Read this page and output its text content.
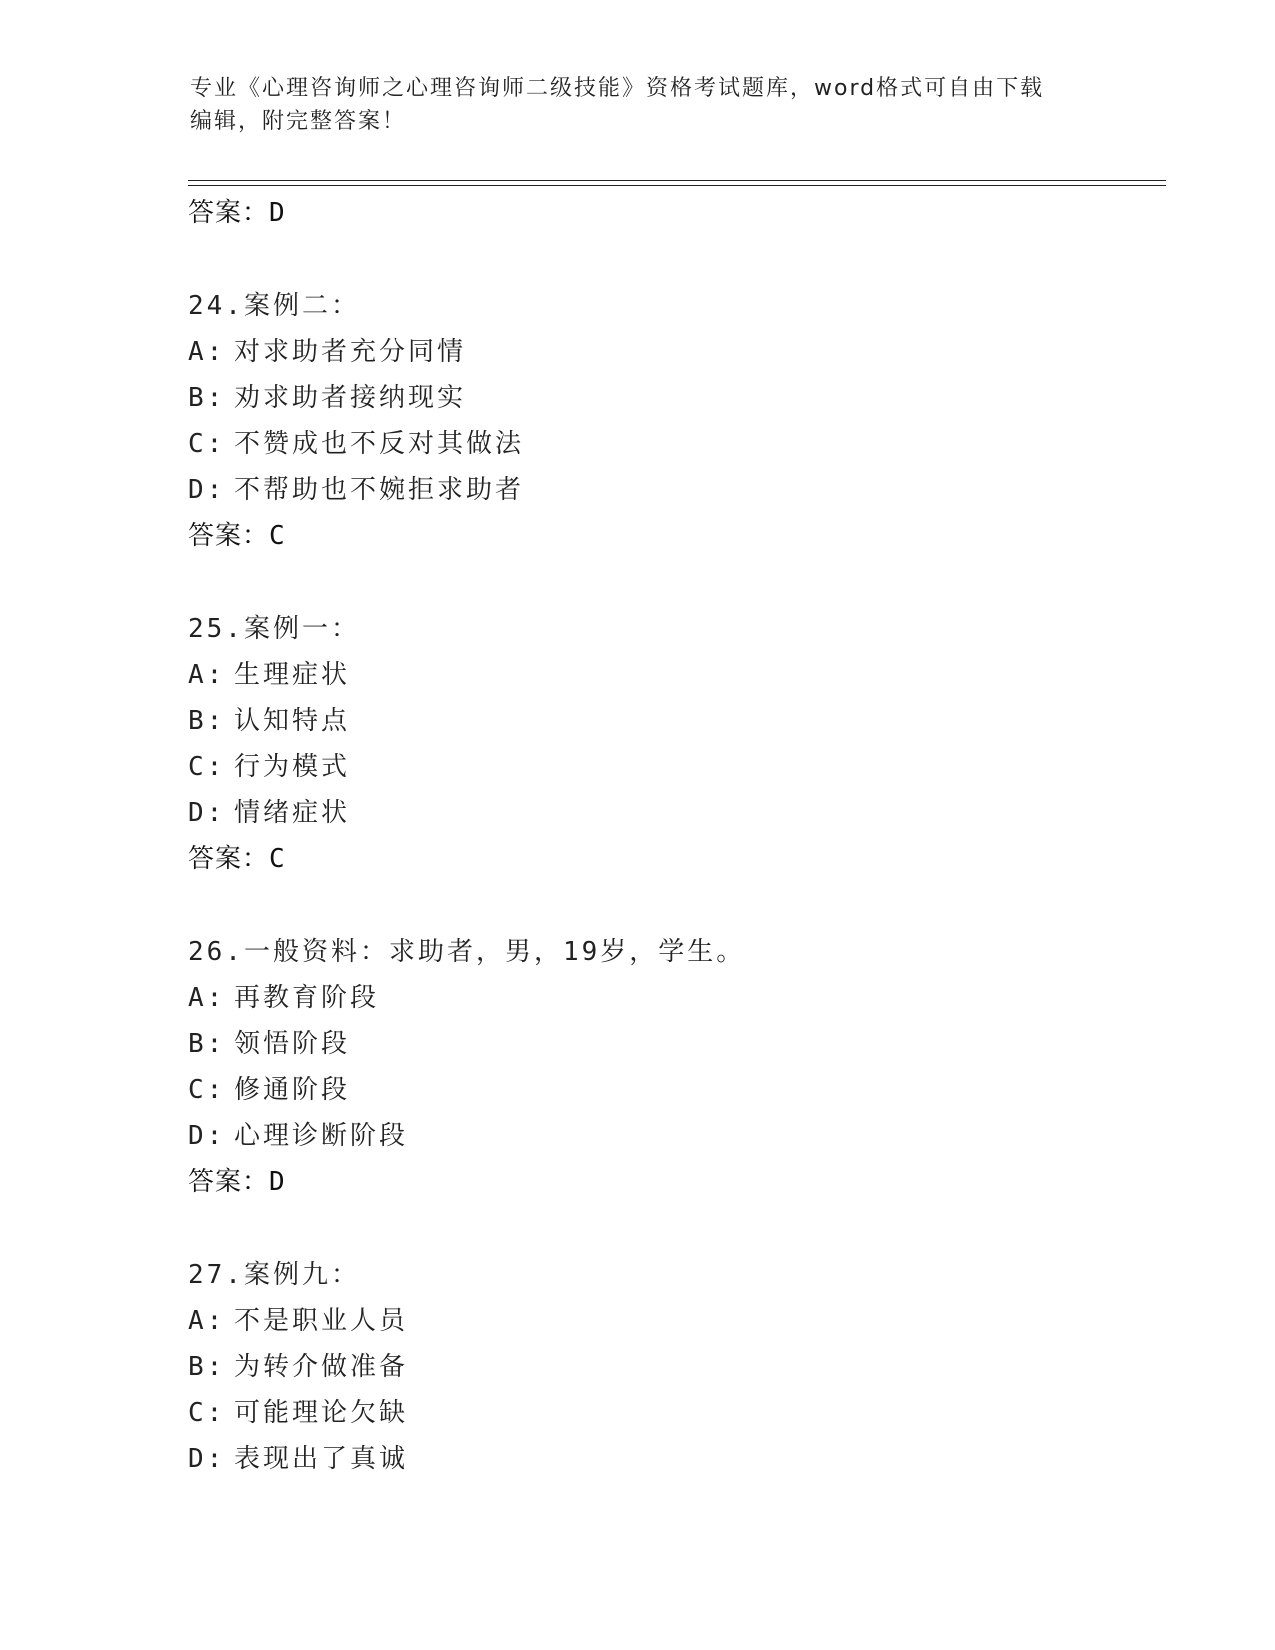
专业《心理咨询师之心理咨询师二级技能》资格考试题库，word格式可自由下载
编辑，附完整答案！
答案：D
24.案例二：
A: 对求助者充分同情
B: 劝求助者接纳现实
C: 不赞成也不反对其做法
D: 不帮助也不婉拒求助者
答案：C
25.案例一：
A: 生理症状
B: 认知特点
C: 行为模式
D: 情绪症状
答案：C
26.一般资料：求助者，男，19岁，学生。
A: 再教育阶段
B: 领悟阶段
C: 修通阶段
D: 心理诊断阶段
答案：D
27.案例九：
A: 不是职业人员
B: 为转介做准备
C: 可能理论欠缺
D: 表现出了真诚
